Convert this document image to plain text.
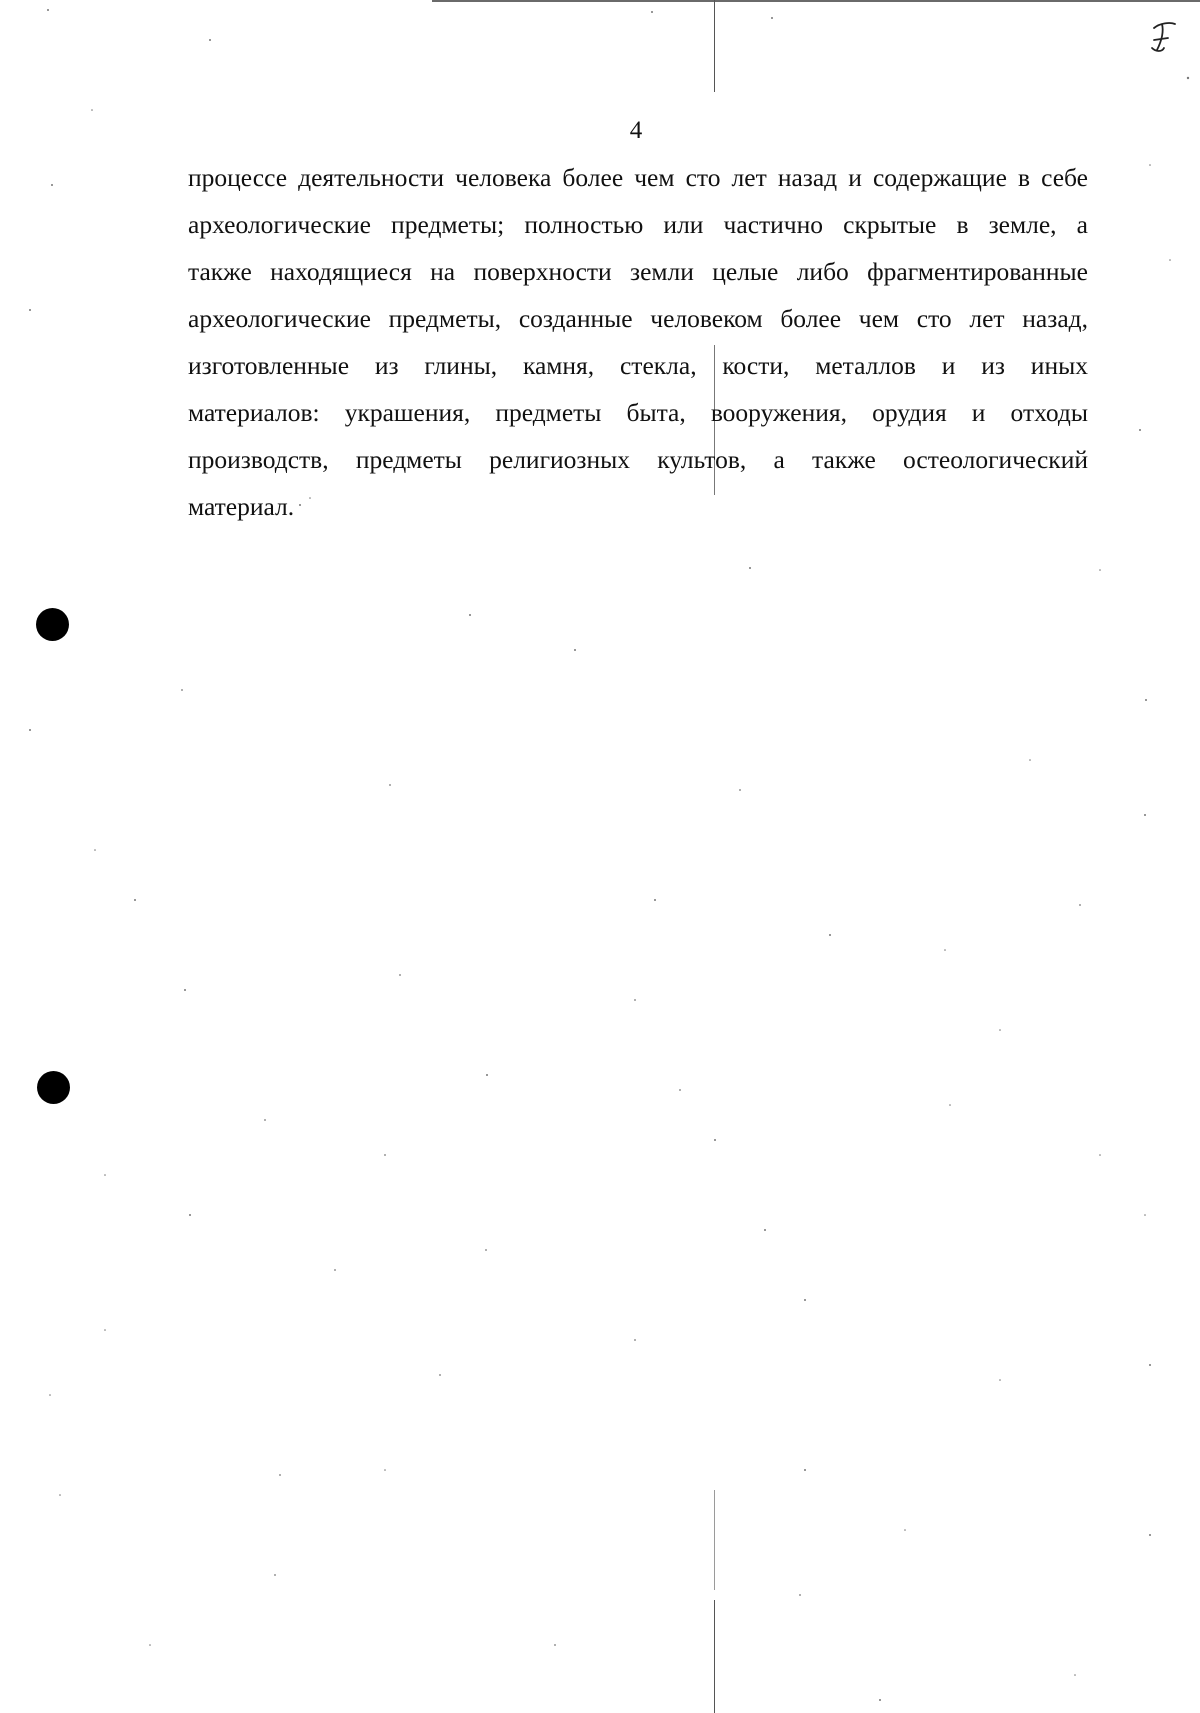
4
процессе деятельности человека более чем сто лет назад и содержащие в себе
археологические предметы; полностью или частично скрытые в земле, а
также находящиеся на поверхности земли целые либо фрагментированные
археологические предметы, созданные человеком более чем сто лет назад,
изготовленные из глины, камня, стекла, кости, металлов и из иных
материалов: украшения, предметы быта, вооружения, орудия и отходы
производств, предметы религиозных культов, а также остеологический
материал.
